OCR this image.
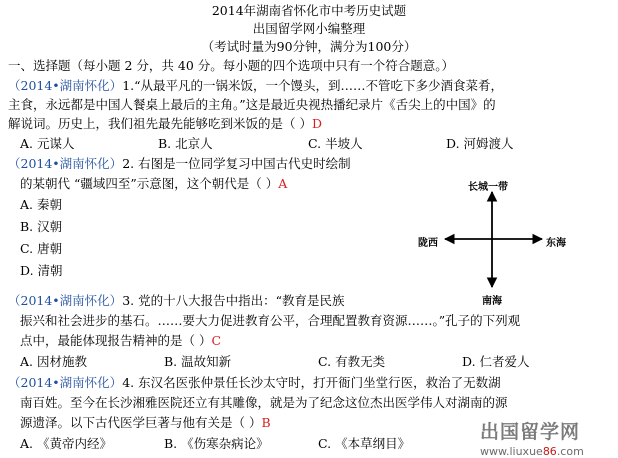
2014年湖南省怀化市中考历史试题
出国留学网小编整理
（考试时量为90分钟，满分为100分）
一、选择题（每小题 2 分，共 40 分。每小题的四个选项中只有一个符合题意。）
（2014•湖南怀化）1.“从最平凡的一锅米饭，一个馒头，到……不管吃下多少酒食菜肴，
主食，永远都是中国人餐桌上最后的主角。”这是最近央视热播纪录片《舌尖上的中国》的
解说词。历史上，我们祖先最先能够吃到米饭的是（ ）D
A. 元谋人	B. 北京人	C. 半坡人	D. 河姆渡人
（2014•湖南怀化）2. 右图是一位同学复习中国古代史时绘制
的某朝代 “疆域四至”示意图，这个朝代是（ ）A
A. 秦朝
B. 汉朝
C. 唐朝
D. 清朝
长城一带
南海
陇西	东海
（2014•湖南怀化）3. 党的十八大报告中指出：“教育是民族
振兴和社会进步的基石。……要大力促进教育公平，合理配置教育资源……。”孔子的下列观
点中，最能体现报告精神的是（ ）C
A. 因材施教	B. 温故知新	C. 有教无类	D. 仁者爱人
（2014•湖南怀化）4. 东汉名医张仲景任长沙太守时，打开衙门坐堂行医，救治了无数湖
南百姓。至今在长沙湘雅医院还立有其雕像，就是为了纪念这位杰出医学伟人对湖南的源
源遗泽。以下古代医学巨著与他有关是（ ）B
A. 《黄帝内经》	B. 《伤寒杂病论》	C. 《本草纲目》
出国留学网
www.liuxue86.com
